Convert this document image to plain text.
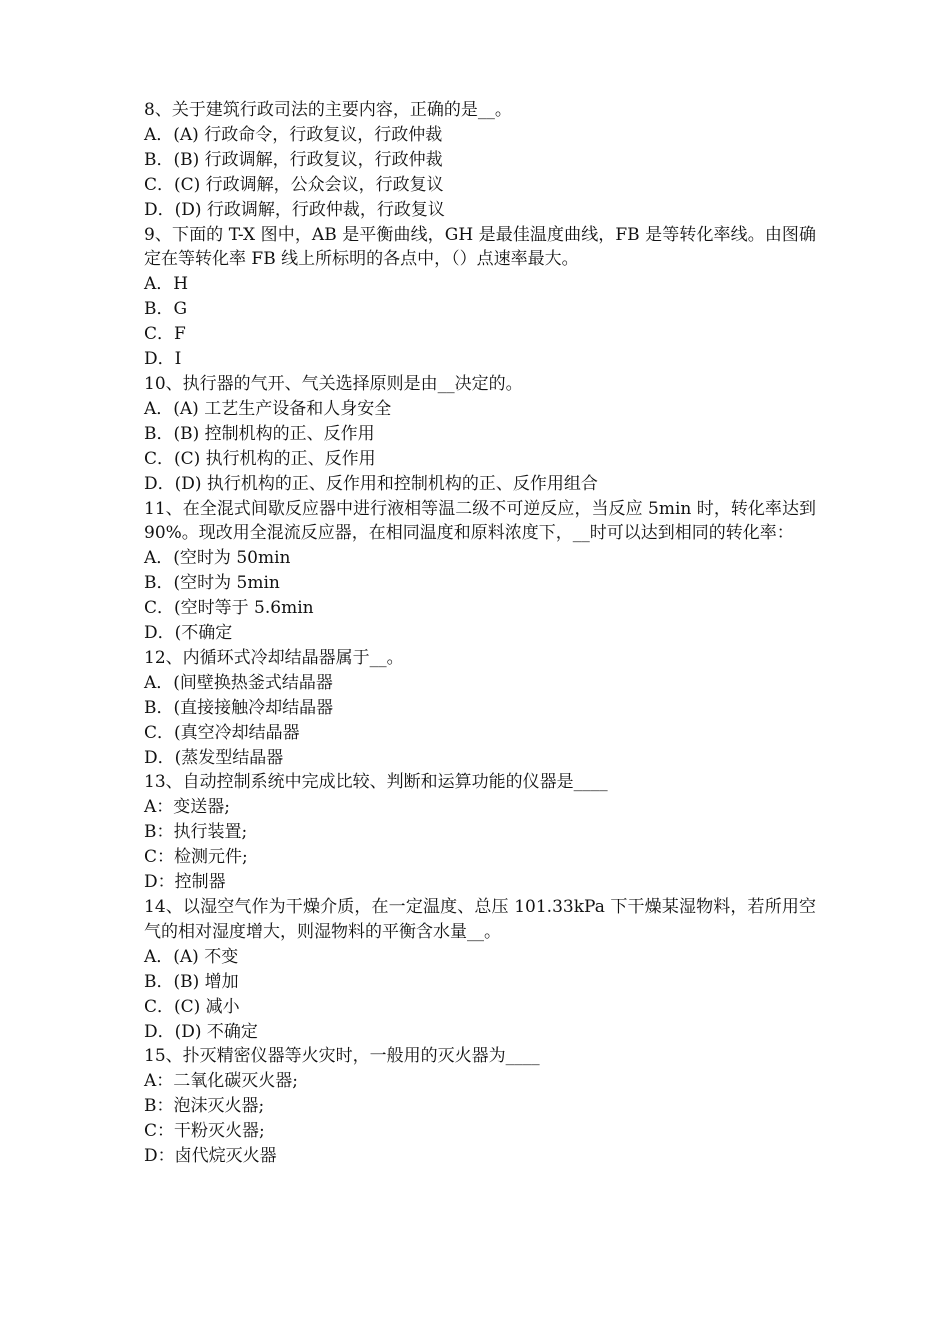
8、关于建筑行政司法的主要内容，正确的是__。
A．(A) 行政命令，行政复议，行政仲裁
B．(B) 行政调解，行政复议，行政仲裁
C．(C) 行政调解，公众会议，行政复议
D．(D) 行政调解，行政仲裁，行政复议
9、下面的 T-X 图中，AB 是平衡曲线，GH 是最佳温度曲线，FB 是等转化率线。由图确定在等转化率 FB 线上所标明的各点中，（）点速率最大。
A．H
B．G
C．F
D．I
10、执行器的气开、气关选择原则是由__决定的。
A．(A) 工艺生产设备和人身安全
B．(B) 控制机构的正、反作用
C．(C) 执行机构的正、反作用
D．(D) 执行机构的正、反作用和控制机构的正、反作用组合
11、在全混式间歇反应器中进行液相等温二级不可逆反应，当反应 5min 时，转化率达到 90%。现改用全混流反应器，在相同温度和原料浓度下，__时可以达到相同的转化率：
A．(空时为 50min
B．(空时为 5min
C．(空时等于 5.6min
D．(不确定
12、内循环式冷却结晶器属于__。
A．(间壁换热釜式结晶器
B．(直接接触冷却结晶器
C．(真空冷却结晶器
D．(蒸发型结晶器
13、自动控制系统中完成比较、判断和运算功能的仪器是____
A：变送器;
B：执行装置;
C：检测元件;
D：控制器
14、以湿空气作为干燥介质，在一定温度、总压 101.33kPa 下干燥某湿物料，若所用空气的相对湿度增大，则湿物料的平衡含水量__。
A．(A) 不变
B．(B) 增加
C．(C) 减小
D．(D) 不确定
15、扑灭精密仪器等火灾时，一般用的灭火器为____
A：二氧化碳灭火器;
B：泡沫灭火器;
C：干粉灭火器;
D：卤代烷灭火器
